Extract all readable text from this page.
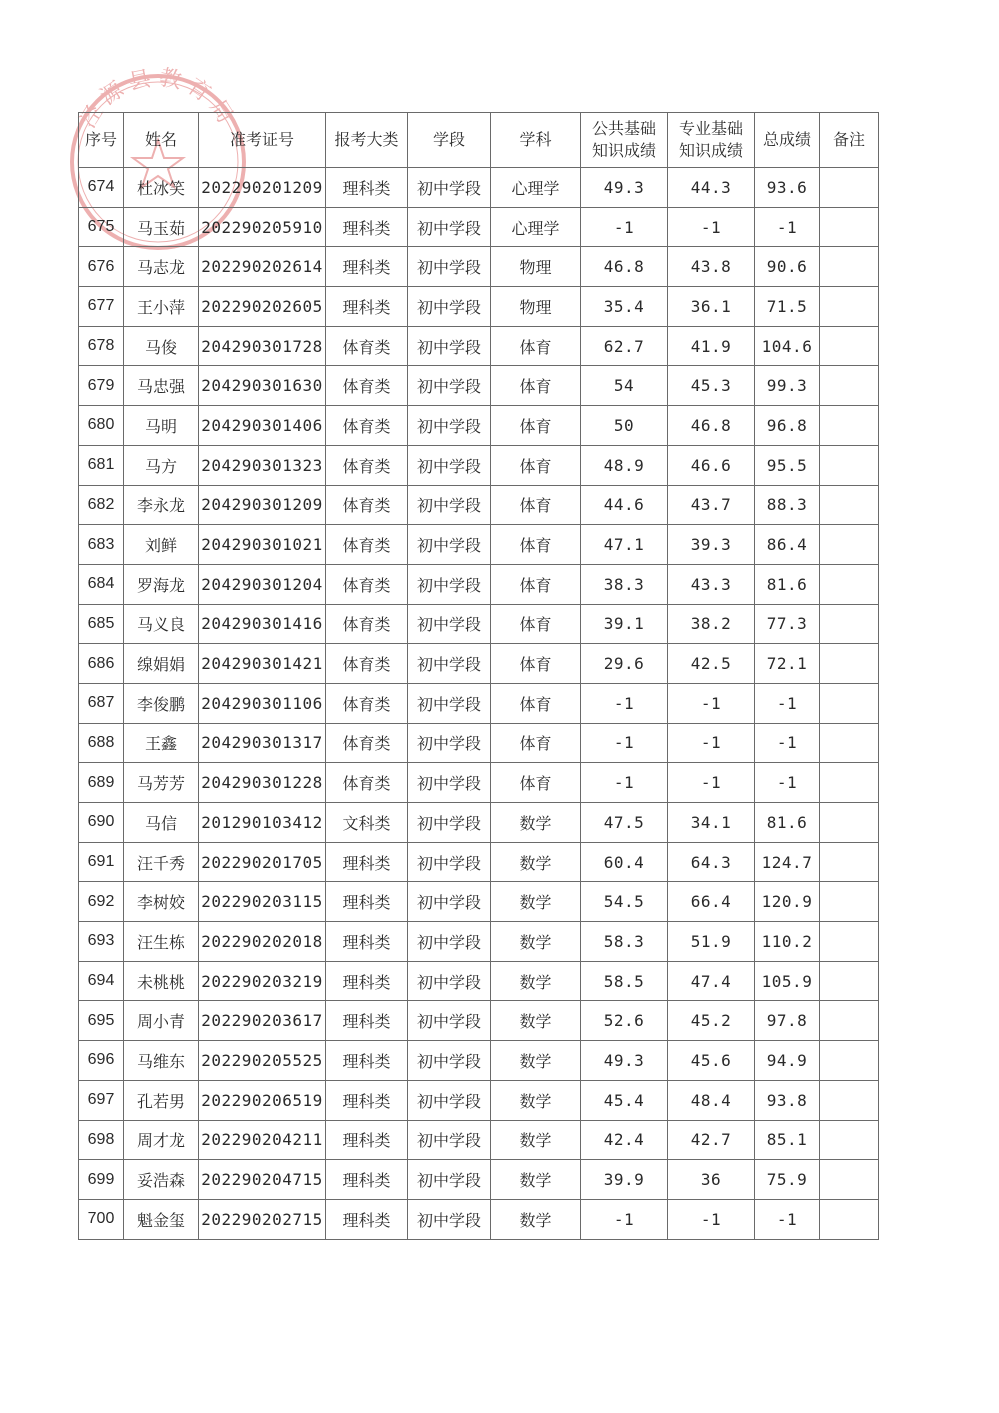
泾源县教育局
序号	姓名	准考证号	报考大类	学段	学科	公共基础
知识成绩	专业基础
知识成绩	总成绩	备注
674	杜冰笑	202290201209	理科类	初中学段	心理学	49.3	44.3	93.6	
675	马玉茹	202290205910	理科类	初中学段	心理学	-1	-1	-1	
676	马志龙	202290202614	理科类	初中学段	物理	46.8	43.8	90.6	
677	王小萍	202290202605	理科类	初中学段	物理	35.4	36.1	71.5	
678	马俊	204290301728	体育类	初中学段	体育	62.7	41.9	104.6	
679	马忠强	204290301630	体育类	初中学段	体育	54	45.3	99.3	
680	马明	204290301406	体育类	初中学段	体育	50	46.8	96.8	
681	马方	204290301323	体育类	初中学段	体育	48.9	46.6	95.5	
682	李永龙	204290301209	体育类	初中学段	体育	44.6	43.7	88.3	
683	刘鲜	204290301021	体育类	初中学段	体育	47.1	39.3	86.4	
684	罗海龙	204290301204	体育类	初中学段	体育	38.3	43.3	81.6	
685	马义良	204290301416	体育类	初中学段	体育	39.1	38.2	77.3	
686	缐娟娟	204290301421	体育类	初中学段	体育	29.6	42.5	72.1	
687	李俊鹏	204290301106	体育类	初中学段	体育	-1	-1	-1	
688	王鑫	204290301317	体育类	初中学段	体育	-1	-1	-1	
689	马芳芳	204290301228	体育类	初中学段	体育	-1	-1	-1	
690	马信	201290103412	文科类	初中学段	数学	47.5	34.1	81.6	
691	汪千秀	202290201705	理科类	初中学段	数学	60.4	64.3	124.7	
692	李树姣	202290203115	理科类	初中学段	数学	54.5	66.4	120.9	
693	汪生栋	202290202018	理科类	初中学段	数学	58.3	51.9	110.2	
694	未桃桃	202290203219	理科类	初中学段	数学	58.5	47.4	105.9	
695	周小青	202290203617	理科类	初中学段	数学	52.6	45.2	97.8	
696	马维东	202290205525	理科类	初中学段	数学	49.3	45.6	94.9	
697	孔若男	202290206519	理科类	初中学段	数学	45.4	48.4	93.8	
698	周才龙	202290204211	理科类	初中学段	数学	42.4	42.7	85.1	
699	妥浩森	202290204715	理科类	初中学段	数学	39.9	36	75.9	
700	魁金玺	202290202715	理科类	初中学段	数学	-1	-1	-1	
